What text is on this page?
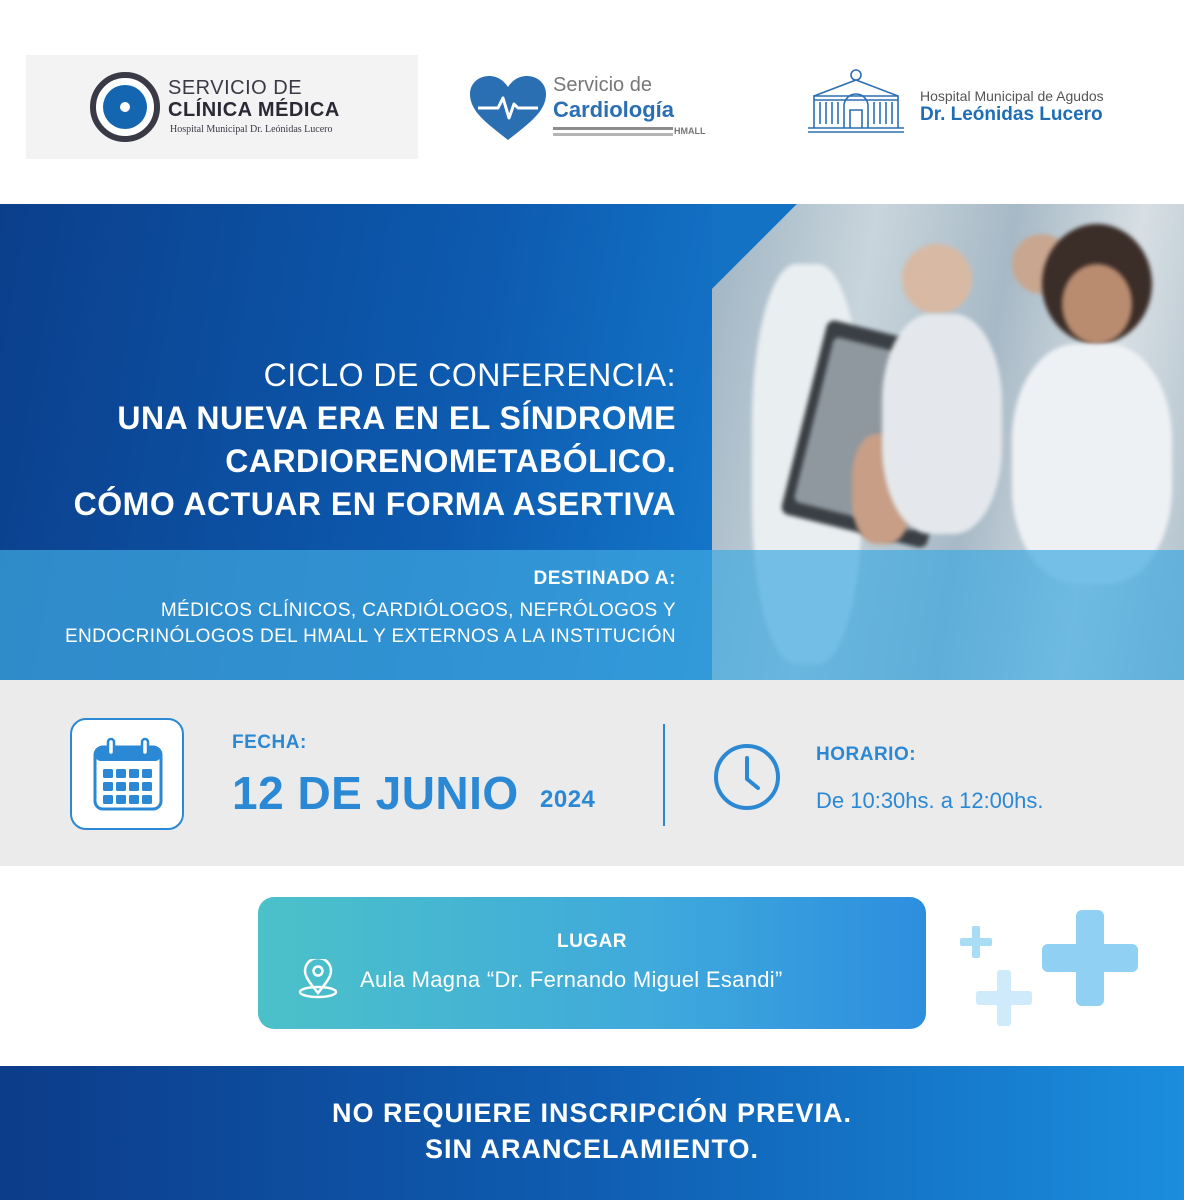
SERVICIO DE
CLÍNICA MÉDICA
Hospital Municipal Dr. Leónidas Lucero
Servicio de
Cardiología
HMALL
Hospital Municipal de Agudos
Dr. Leónidas Lucero
CICLO DE CONFERENCIA:
UNA NUEVA ERA EN EL SÍNDROME
CARDIORENOMETABÓLICO.
CÓMO ACTUAR EN FORMA ASERTIVA
DESTINADO A:
MÉDICOS CLÍNICOS, CARDIÓLOGOS, NEFRÓLOGOS Y
ENDOCRINÓLOGOS DEL HMALL Y EXTERNOS A LA INSTITUCIÓN
FECHA:
12 DE JUNIO 2024
HORARIO:
De 10:30hs. a 12:00hs.
LUGAR
Aula Magna “Dr. Fernando Miguel Esandi”
NO REQUIERE INSCRIPCIÓN PREVIA.
SIN ARANCELAMIENTO.
